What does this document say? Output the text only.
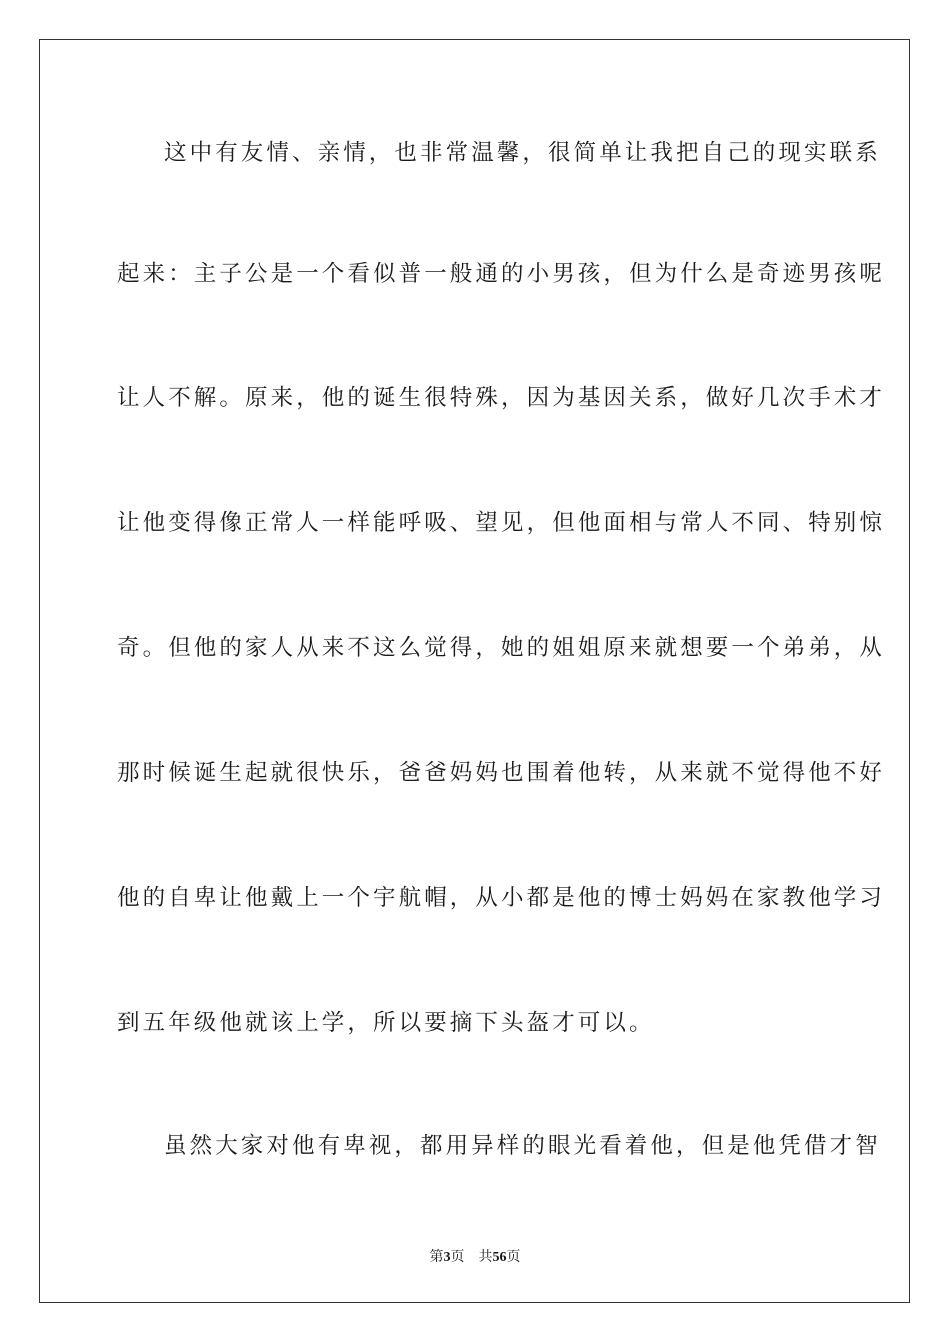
这中有友情、亲情，也非常温馨，很简单让我把自己的现实联系
起来：主子公是一个看似普一般通的小男孩，但为什么是奇迹男孩呢
让人不解。原来，他的诞生很特殊，因为基因关系，做好几次手术才
让他变得像正常人一样能呼吸、望见，但他面相与常人不同、特别惊
奇。但他的家人从来不这么觉得，她的姐姐原来就想要一个弟弟，从
那时候诞生起就很快乐，爸爸妈妈也围着他转，从来就不觉得他不好
他的自卑让他戴上一个宇航帽，从小都是他的博士妈妈在家教他学习
到五年级他就该上学，所以要摘下头盔才可以。
虽然大家对他有卑视，都用异样的眼光看着他，但是他凭借才智
第3页 共56页
